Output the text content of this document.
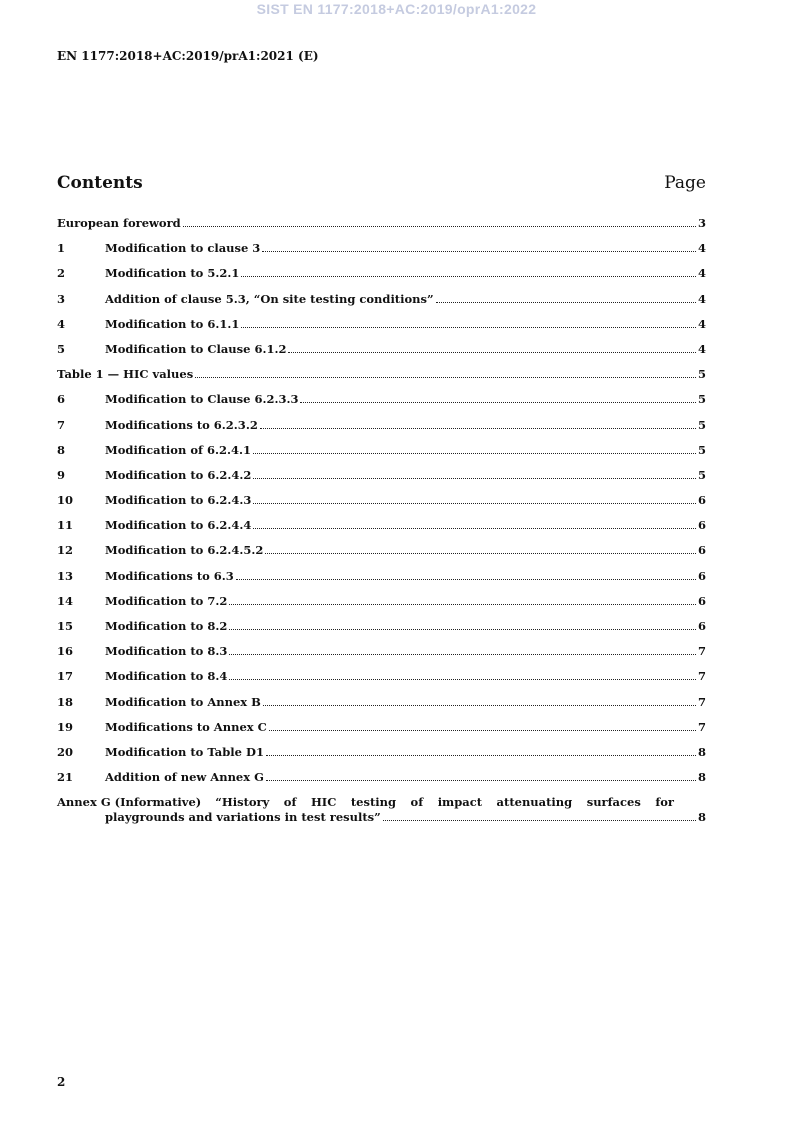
SIST EN 1177:2018+AC:2019/oprA1:2022
EN 1177:2018+AC:2019/prA1:2021 (E)
Contents	Page
European foreword	3
1	Modification to clause 3	4
2	Modification to 5.2.1	4
3	Addition of clause 5.3, “On site testing conditions”	4
4	Modification to 6.1.1	4
5	Modification to Clause 6.1.2	4
Table 1 — HIC values	5
6	Modification to Clause 6.2.3.3	5
7	Modifications to 6.2.3.2	5
8	Modification of 6.2.4.1	5
9	Modification to 6.2.4.2	5
10	Modification to 6.2.4.3	6
11	Modification to 6.2.4.4	6
12	Modification to 6.2.4.5.2	6
13	Modifications to 6.3	6
14	Modification to 7.2	6
15	Modification to 8.2	6
16	Modification to 8.3	7
17	Modification to 8.4	7
18	Modification to Annex B	7
19	Modifications to Annex C	7
20	Modification to Table D1	8
21	Addition of new Annex G	8
Annex G (Informative)	“History of HIC testing of impact attenuating surfaces for
playgrounds and variations in test results”	8
2
